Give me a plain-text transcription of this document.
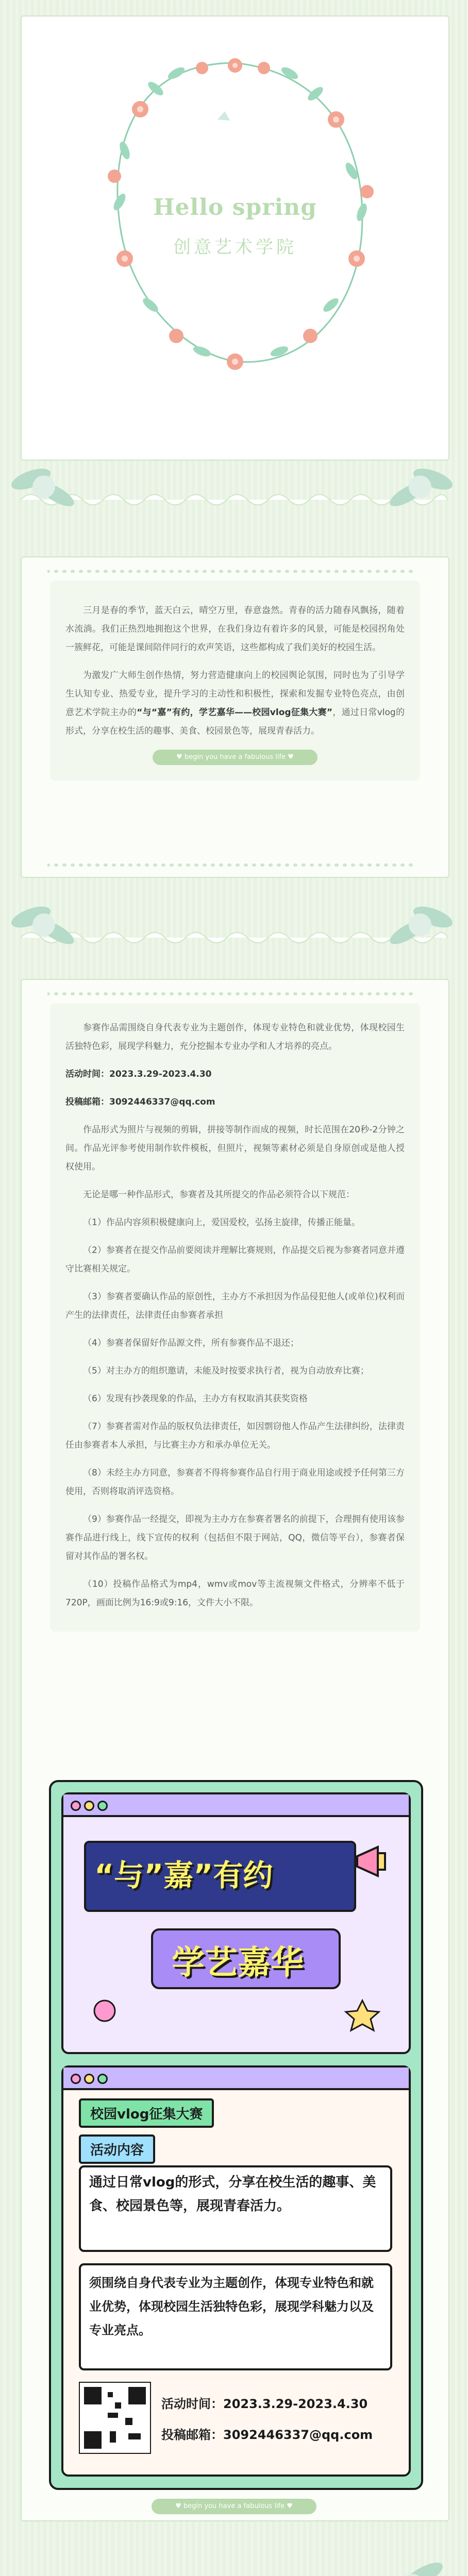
Hello spring
创意艺术学院

三月是春的季节，蓝天白云，晴空万里，春意盎然。青春的活力随春风飘扬，随着水流淌。我们正热烈地拥抱这个世界，在我们身边有着许多的风景，可能是校园拐角处一簇鲜花，可能是课间陪伴同行的欢声笑语，这些都构成了我们美好的校园生活。

为激发广大师生创作热情，努力营造健康向上的校园舆论氛围，同时也为了引导学生认知专业、热爱专业，提升学习的主动性和积极性，探索和发掘专业特色亮点，由创意艺术学院主办的“与“嘉”有约，学艺嘉华——校园vlog征集大赛”，通过日常vlog的形式，分享在校生活的趣事、美食、校园景色等，展现青春活力。

♥ begin you have a fabulous life ♥

参赛作品需围绕自身代表专业为主题创作，体现专业特色和就业优势，体现校园生活独特色彩，展现学科魅力，充分挖掘本专业办学和人才培养的亮点。

活动时间：2023.3.29-2023.4.30

投稿邮箱：3092446337@qq.com

作品形式为照片与视频的剪辑，拼接等制作而成的视频，时长范围在20秒-2分钟之间。作品光评参考使用制作软件模板，但照片，视频等素材必须是自身原创或是他人授权使用。

无论是哪一种作品形式，参赛者及其所提交的作品必须符合以下规范：

（1）作品内容须积极健康向上，爱国爱校，弘扬主旋律，传播正能量。

（2）参赛者在提交作品前要阅读并理解比赛规则，作品提交后视为参赛者同意并遵守比赛相关规定。

（3）参赛者要确认作品的原创性，主办方不承担因为作品侵犯他人(或单位)权利而产生的法律责任，法律责任由参赛者承担

（4）参赛者保留好作品源文件，所有参赛作品不退还；

（5）对主办方的组织邀请，未能及时按要求执行者，视为自动放弃比赛；

（6）发现有抄袭现象的作品，主办方有权取消其获奖资格

（7）参赛者需对作品的版权负法律责任，如因剽窃他人作品产生法律纠纷，法律责任由参赛者本人承担，与比赛主办方和承办单位无关。

（8）未经主办方同意，参赛者不得将参赛作品自行用于商业用途或授予任何第三方使用，否则将取消评选资格。

（9）参赛作品一经提交，即视为主办方在参赛者署名的前提下，合理拥有使用该参赛作品进行线上，线下宣传的权利（包括但不限于网站，QQ，微信等平台），参赛者保留对其作品的署名权。

（10）投稿作品格式为mp4，wmv或mov等主流视频文件格式，分辨率不低于720P，画面比例为16:9或9:16，文件大小不限。

“与”嘉”有约
学艺嘉华
校园vlog征集大赛
活动内容
通过日常vlog的形式，分享在校生活的趣事、美食、校园景色等，展现青春活力。
须围绕自身代表专业为主题创作，体现专业特色和就业优势，体现校园生活独特色彩，展现学科魅力以及专业亮点。
活动时间：2023.3.29-2023.4.30
投稿邮箱：3092446337@qq.com
♥ begin you have a fabulous life ♥
